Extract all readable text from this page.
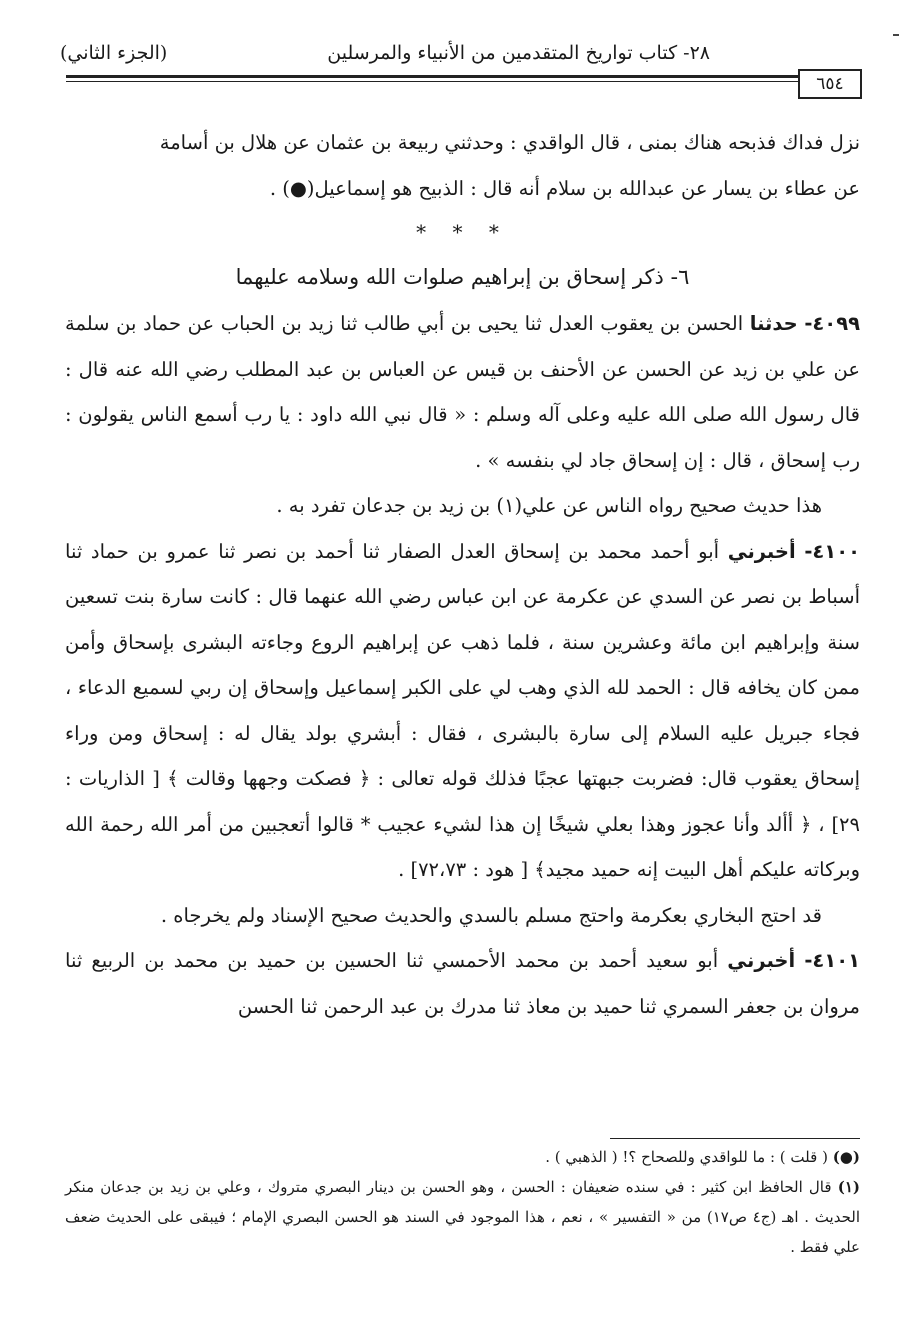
٢٨- كتاب تواريخ المتقدمين من الأنبياء والمرسلين
(الجزء الثاني)
٦٥٤

نزل فداك فذبحه هناك بمنى ، قال الواقدي : وحدثني ربيعة بن عثمان عن هلال بن أسامة

عن عطاء بن يسار عن عبدالله بن سلام أنه قال : الذبيح هو إسماعيل(●) .

* * *

٦- ذكر إسحاق بن إبراهيم صلوات الله وسلامه عليهما

٤٠٩٩- حدثنا الحسن بن يعقوب العدل ثنا يحيى بن أبي طالب ثنا زيد بن الحباب عن حماد بن سلمة عن علي بن زيد عن الحسن عن الأحنف بن قيس عن العباس بن عبد المطلب رضي الله عنه قال : قال رسول الله صلى الله عليه وعلى آله وسلم : « قال نبي الله داود : يا رب أسمع الناس يقولون : رب إسحاق ، قال : إن إسحاق جاد لي بنفسه » .

هذا حديث صحيح رواه الناس عن علي(١) بن زيد بن جدعان تفرد به .

٤١٠٠- أخبرني أبو أحمد محمد بن إسحاق العدل الصفار ثنا أحمد بن نصر ثنا عمرو بن حماد ثنا أسباط بن نصر عن السدي عن عكرمة عن ابن عباس رضي الله عنهما قال : كانت سارة بنت تسعين سنة وإبراهيم ابن مائة وعشرين سنة ، فلما ذهب عن إبراهيم الروع وجاءته البشرى بإسحاق وأمن ممن كان يخافه قال : الحمد لله الذي وهب لي على الكبر إسماعيل وإسحاق إن ربي لسميع الدعاء ، فجاء جبريل عليه السلام إلى سارة بالبشرى ، فقال : أبشري بولد يقال له : إسحاق ومن وراء إسحاق يعقوب قال: فضربت جبهتها عجبًا فذلك قوله تعالى : ﴿ فصكت وجهها وقالت ﴾ [ الذاريات : ٢٩] ، ﴿ أألد وأنا عجوز وهذا بعلي شيخًا إن هذا لشيء عجيب * قالوا أتعجبين من أمر الله رحمة الله وبركاته عليكم أهل البيت إنه حميد مجيد﴾ [ هود : ٧٢،٧٣] .

قد احتج البخاري بعكرمة واحتج مسلم بالسدي والحديث صحيح الإسناد ولم يخرجاه .

٤١٠١- أخبرني أبو سعيد أحمد بن محمد الأحمسي ثنا الحسين بن حميد بن محمد بن الربيع ثنا مروان بن جعفر السمري ثنا حميد بن معاذ ثنا مدرك بن عبد الرحمن ثنا الحسن

(●) ( قلت ) : ما للواقدي وللصحاح ؟! ( الذهبي ) .

(١) قال الحافظ ابن كثير : في سنده ضعيفان : الحسن ، وهو الحسن بن دينار البصري متروك ، وعلي بن زيد بن جدعان منكر الحديث . اهـ (ج٤ ص١٧) من « التفسير » ، نعم ، هذا الموجود في السند هو الحسن البصري الإمام ؛ فيبقى على الحديث ضعف علي فقط .
